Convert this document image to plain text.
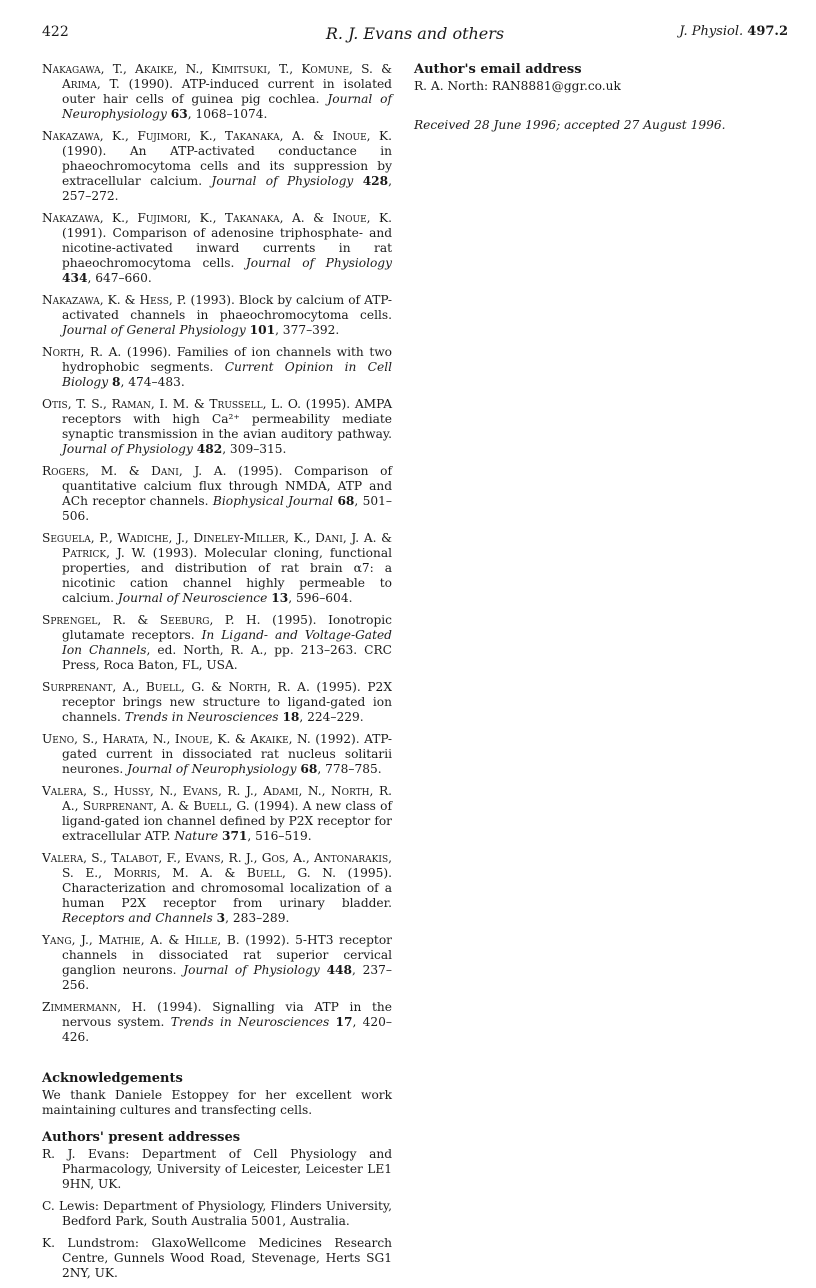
422	R. J. Evans and others	J. Physiol. 497.2

Nakagawa, T., Akaike, N., Kimitsuki, T., Komune, S. & Arima, T. (1990). ATP-induced current in isolated outer hair cells of guinea pig cochlea. Journal of Neurophysiology 63, 1068–1074.

Nakazawa, K., Fujimori, K., Takanaka, A. & Inoue, K. (1990). An ATP-activated conductance in phaeochromocytoma cells and its suppression by extracellular calcium. Journal of Physiology 428, 257–272.

Nakazawa, K., Fujimori, K., Takanaka, A. & Inoue, K. (1991). Comparison of adenosine triphosphate- and nicotine-activated inward currents in rat phaeochromocytoma cells. Journal of Physiology 434, 647–660.

Nakazawa, K. & Hess, P. (1993). Block by calcium of ATP-activated channels in phaeochromocytoma cells. Journal of General Physiology 101, 377–392.

North, R. A. (1996). Families of ion channels with two hydrophobic segments. Current Opinion in Cell Biology 8, 474–483.

Otis, T. S., Raman, I. M. & Trussell, L. O. (1995). AMPA receptors with high Ca²⁺ permeability mediate synaptic transmission in the avian auditory pathway. Journal of Physiology 482, 309–315.

Rogers, M. & Dani, J. A. (1995). Comparison of quantitative calcium flux through NMDA, ATP and ACh receptor channels. Biophysical Journal 68, 501–506.

Seguela, P., Wadiche, J., Dineley-Miller, K., Dani, J. A. & Patrick, J. W. (1993). Molecular cloning, functional properties, and distribution of rat brain α7: a nicotinic cation channel highly permeable to calcium. Journal of Neuroscience 13, 596–604.

Sprengel, R. & Seeburg, P. H. (1995). Ionotropic glutamate receptors. In Ligand- and Voltage-Gated Ion Channels, ed. North, R. A., pp. 213–263. CRC Press, Roca Baton, FL, USA.

Surprenant, A., Buell, G. & North, R. A. (1995). P2X receptor brings new structure to ligand-gated ion channels. Trends in Neurosciences 18, 224–229.

Ueno, S., Harata, N., Inoue, K. & Akaike, N. (1992). ATP-gated current in dissociated rat nucleus solitarii neurones. Journal of Neurophysiology 68, 778–785.

Valera, S., Hussy, N., Evans, R. J., Adami, N., North, R. A., Surprenant, A. & Buell, G. (1994). A new class of ligand-gated ion channel defined by P2X receptor for extracellular ATP. Nature 371, 516–519.

Valera, S., Talabot, F., Evans, R. J., Gos, A., Antonarakis, S. E., Morris, M. A. & Buell, G. N. (1995). Characterization and chromosomal localization of a human P2X receptor from urinary bladder. Receptors and Channels 3, 283–289.

Yang, J., Mathie, A. & Hille, B. (1992). 5-HT3 receptor channels in dissociated rat superior cervical ganglion neurons. Journal of Physiology 448, 237–256.

Zimmermann, H. (1994). Signalling via ATP in the nervous system. Trends in Neurosciences 17, 420–426.

Acknowledgements

We thank Daniele Estoppey for her excellent work maintaining cultures and transfecting cells.

Authors' present addresses

R. J. Evans: Department of Cell Physiology and Pharmacology, University of Leicester, Leicester LE1 9HN, UK.

C. Lewis: Department of Physiology, Flinders University, Bedford Park, South Australia 5001, Australia.

K. Lundstrom: GlaxoWellcome Medicines Research Centre, Gunnels Wood Road, Stevenage, Herts SG1 2NY, UK.

Author's email address

R. A. North: RAN8881@ggr.co.uk

Received 28 June 1996; accepted 27 August 1996.
